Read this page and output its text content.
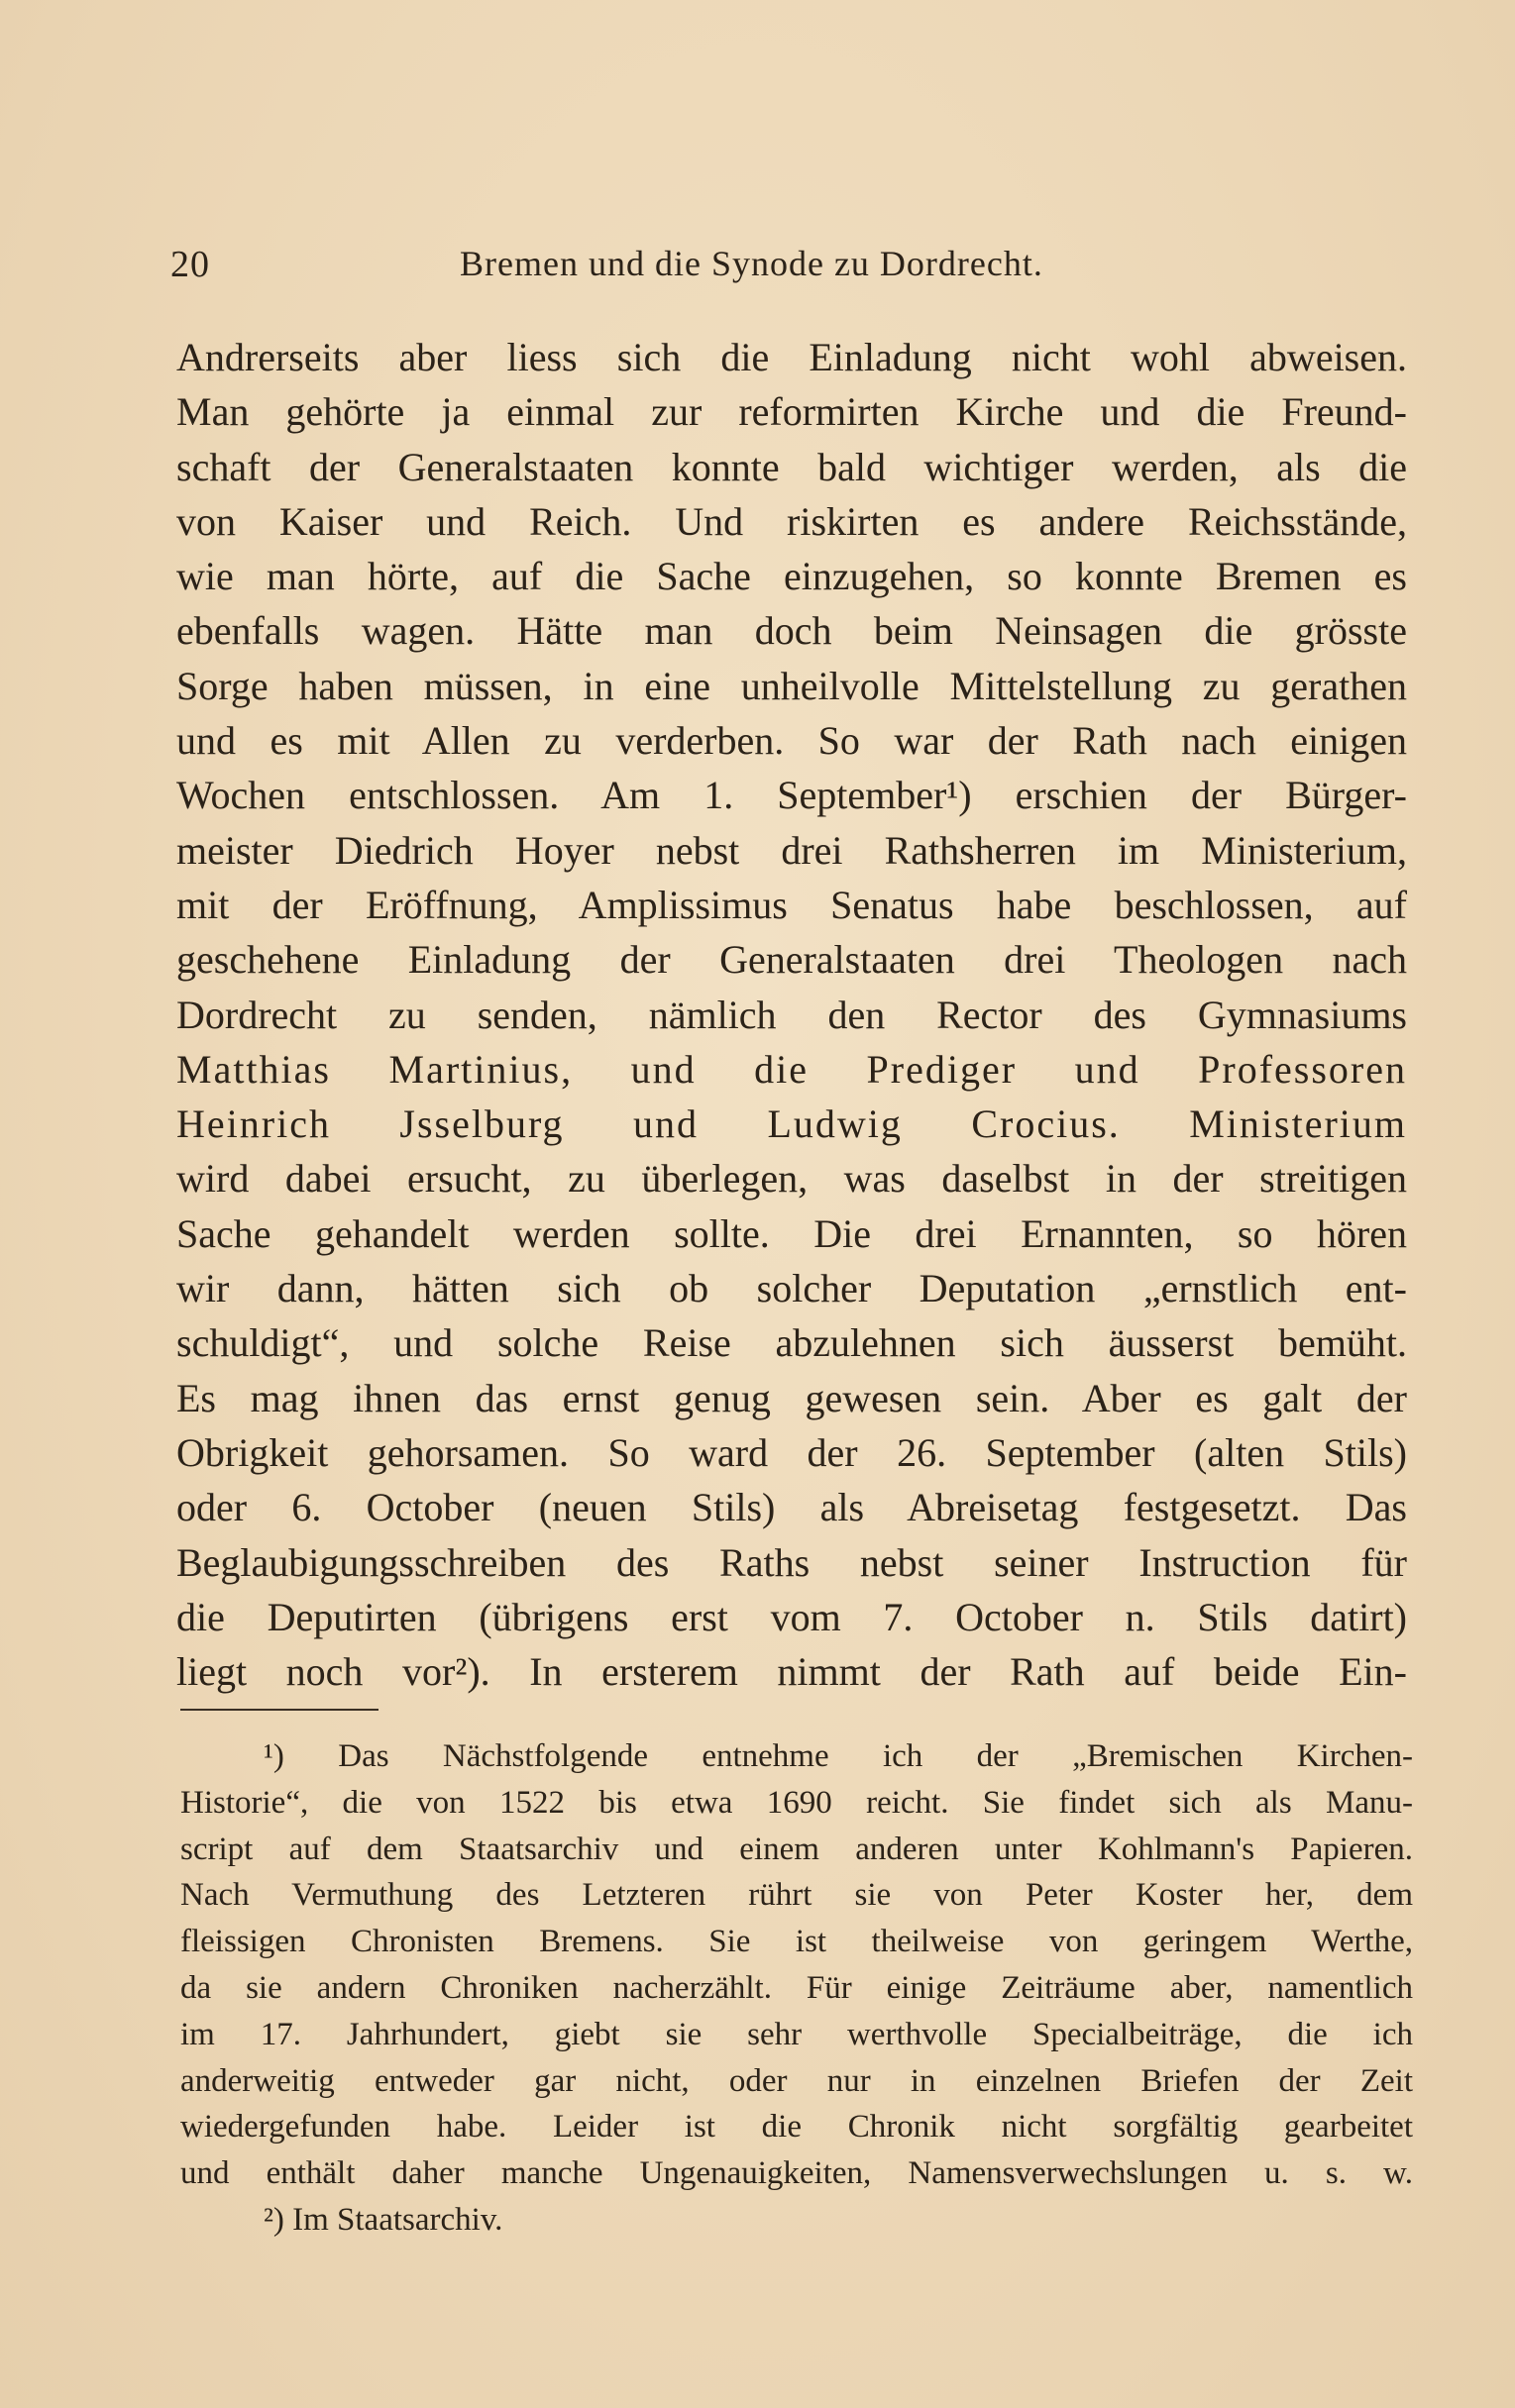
20	Bremen und die Synode zu Dordrecht.
Andrerseits aber liess sich die Einladung nicht wohl abweisen.
Man gehörte ja einmal zur reformirten Kirche und die Freund-
schaft der Generalstaaten konnte bald wichtiger werden, als die
von Kaiser und Reich. Und riskirten es andere Reichsstände,
wie man hörte, auf die Sache einzugehen, so konnte Bremen es
ebenfalls wagen. Hätte man doch beim Neinsagen die grösste
Sorge haben müssen, in eine unheilvolle Mittelstellung zu gerathen
und es mit Allen zu verderben. So war der Rath nach einigen
Wochen entschlossen. Am 1. September¹) erschien der Bürger-
meister Diedrich Hoyer nebst drei Rathsherren im Ministerium,
mit der Eröffnung, Amplissimus Senatus habe beschlossen, auf
geschehene Einladung der Generalstaaten drei Theologen nach
Dordrecht zu senden, nämlich den Rector des Gymnasiums
Matthias Martinius, und die Prediger und Professoren
Heinrich Jsselburg und Ludwig Crocius. Ministerium
wird dabei ersucht, zu überlegen, was daselbst in der streitigen
Sache gehandelt werden sollte. Die drei Ernannten, so hören
wir dann, hätten sich ob solcher Deputation „ernstlich ent-
schuldigt“, und solche Reise abzulehnen sich äusserst bemüht.
Es mag ihnen das ernst genug gewesen sein. Aber es galt der
Obrigkeit gehorsamen. So ward der 26. September (alten Stils)
oder 6. October (neuen Stils) als Abreisetag festgesetzt. Das
Beglaubigungsschreiben des Raths nebst seiner Instruction für
die Deputirten (übrigens erst vom 7. October n. Stils datirt)
liegt noch vor²). In ersterem nimmt der Rath auf beide Ein-
¹) Das Nächstfolgende entnehme ich der „Bremischen Kirchen-
Historie“, die von 1522 bis etwa 1690 reicht. Sie findet sich als Manu-
script auf dem Staatsarchiv und einem anderen unter Kohlmann's Papieren.
Nach Vermuthung des Letzteren rührt sie von Peter Koster her, dem
fleissigen Chronisten Bremens. Sie ist theilweise von geringem Werthe,
da sie andern Chroniken nacherzählt. Für einige Zeiträume aber, namentlich
im 17. Jahrhundert, giebt sie sehr werthvolle Specialbeiträge, die ich
anderweitig entweder gar nicht, oder nur in einzelnen Briefen der Zeit
wiedergefunden habe. Leider ist die Chronik nicht sorgfältig gearbeitet
und enthält daher manche Ungenauigkeiten, Namensverwechslungen u. s. w.
²) Im Staatsarchiv.
